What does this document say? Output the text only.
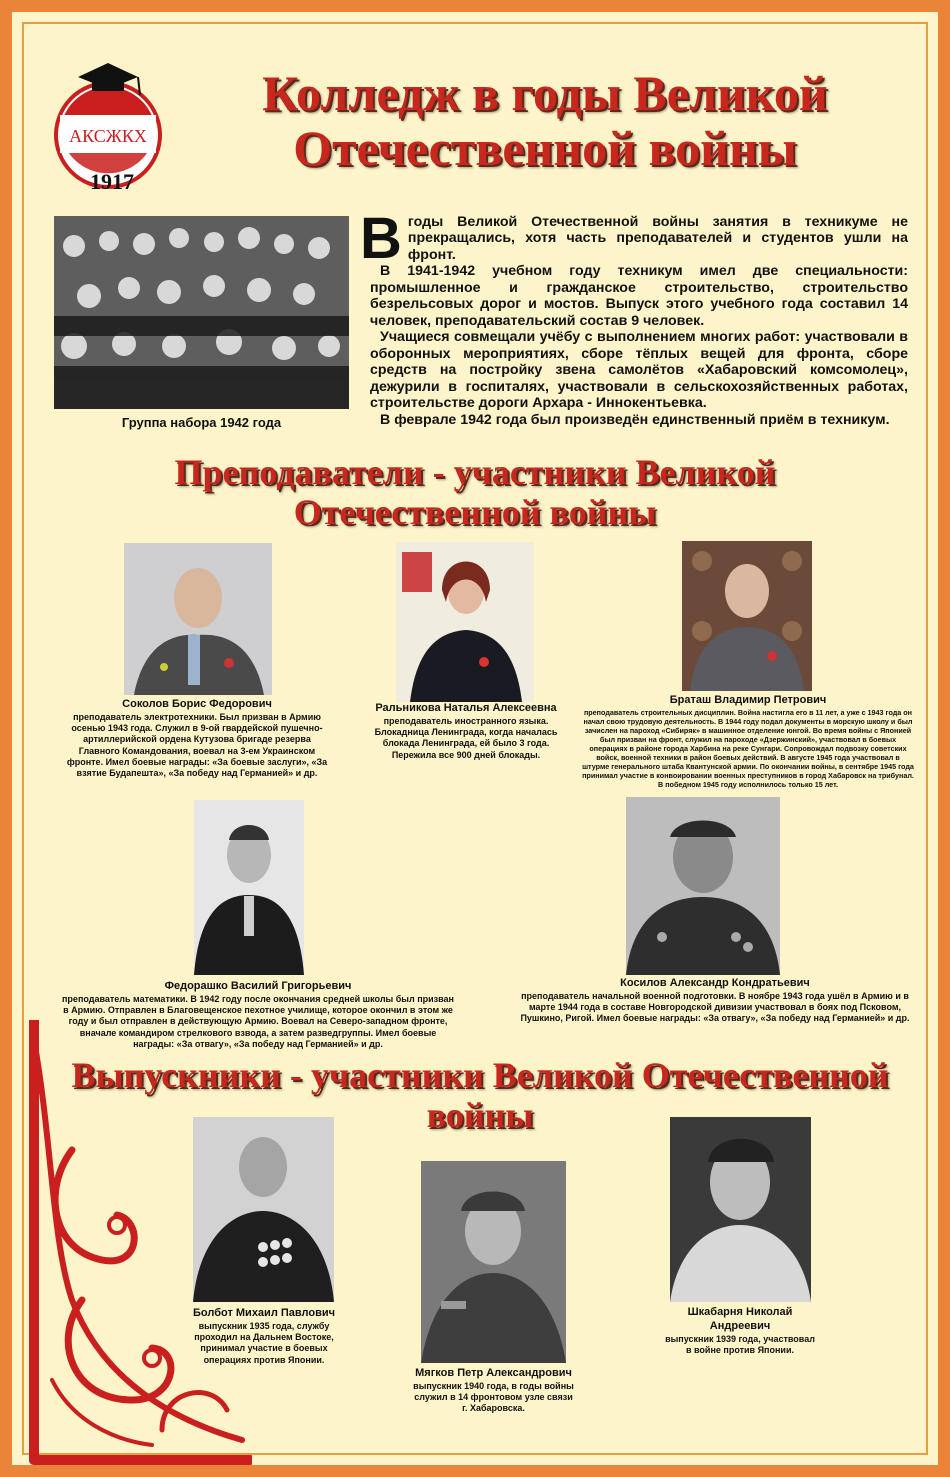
АКСЖКХ
1917
Колледж в годы Великой Отечественной войны
Группа набора 1942 года

Вгоды Великой Отечественной войны занятия в техникуме не прекращались, хотя часть преподавателей и студентов ушли на фронт.

В 1941-1942 учебном году техникум имел две специальности: промышленное и гражданское строительство, строительство безрельсовых дорог и мостов. Выпуск этого учебного года составил 14 человек, преподавательский состав 9 человек.

Учащиеся совмещали учёбу с выполнением многих работ: участвовали в оборонных мероприятиях, сборе тёплых вещей для фронта, сборе средств на постройку звена самолётов «Хабаровский комсомолец», дежурили в госпиталях, участвовали в сельскохозяйственных работах, строительстве дороги Архара - Иннокентьевка.

В феврале 1942 года был произведён единственный приём в техникум.

Преподаватели - участники Великой Отечественной войны
Соколов Борис Федорович
преподаватель электротехники. Был призван в Армию осенью 1943 года. Служил в 9-ой гвардейской пушечно-артиллерийской ордена Кутузова бригаде резерва Главного Командования, воевал на 3-ем Украинском фронте. Имел боевые награды: «За боевые заслуги», «За взятие Будапешта», «За победу над Германией» и др.
Ральникова Наталья Алексеевна
преподаватель иностранного языка. Блокадница Ленинграда, когда началась блокада Ленинграда, ей было 3 года. Пережила все 900 дней блокады.
Браташ Владимир Петрович
преподаватель строительных дисциплин. Война настигла его в 11 лет, а уже с 1943 года он начал свою трудовую деятельность. В 1944 году подал документы в морскую школу и был зачислен на пароход «Сибиряк» в машинное отделение юнгой. Во время войны с Японией был призван на фронт, служил на пароходе «Дзержинский», участвовал в боевых операциях в районе города Харбина на реке Сунгари. Сопровождал подвозку советских войск, военной техники в район боевых действий. В августе 1945 года участвовал в штурме генерального штаба Квантунской армии. По окончании войны, в сентябре 1945 года принимал участие в конвоировании военных преступников в город Хабаровск на трибунал. В победном 1945 году исполнилось только 15 лет.
Федорашко Василий Григорьевич
преподаватель математики. В 1942 году после окончания средней школы был призван в Армию. Отправлен в Благовещенское пехотное училище, которое окончил в этом же году и был отправлен в действующую Армию. Воевал на Северо-западном фронте, вначале командиром стрелкового взвода, а затем разведгруппы. Имел боевые награды: «За отвагу», «За победу над Германией» и др.
Косилов Александр Кондратьевич
преподаватель начальной военной подготовки. В ноябре 1943 года ушёл в Армию и в марте 1944 года в составе Новгородской дивизии участвовал в боях под Псковом, Пушкино, Ригой. Имел боевые награды: «За отвагу», «За победу над Германией» и др.
Выпускники - участники Великой Отечественной войны
Болбот Михаил Павлович
выпускник 1935 года, службу проходил на Дальнем Востоке, принимал участие в боевых операциях против Японии.
Мягков Петр Александрович
выпускник 1940 года, в годы войны служил в 14 фронтовом узле связи г. Хабаровска.
Шкабарня Николай Андреевич
выпускник 1939 года, участвовал в войне против Японии.
